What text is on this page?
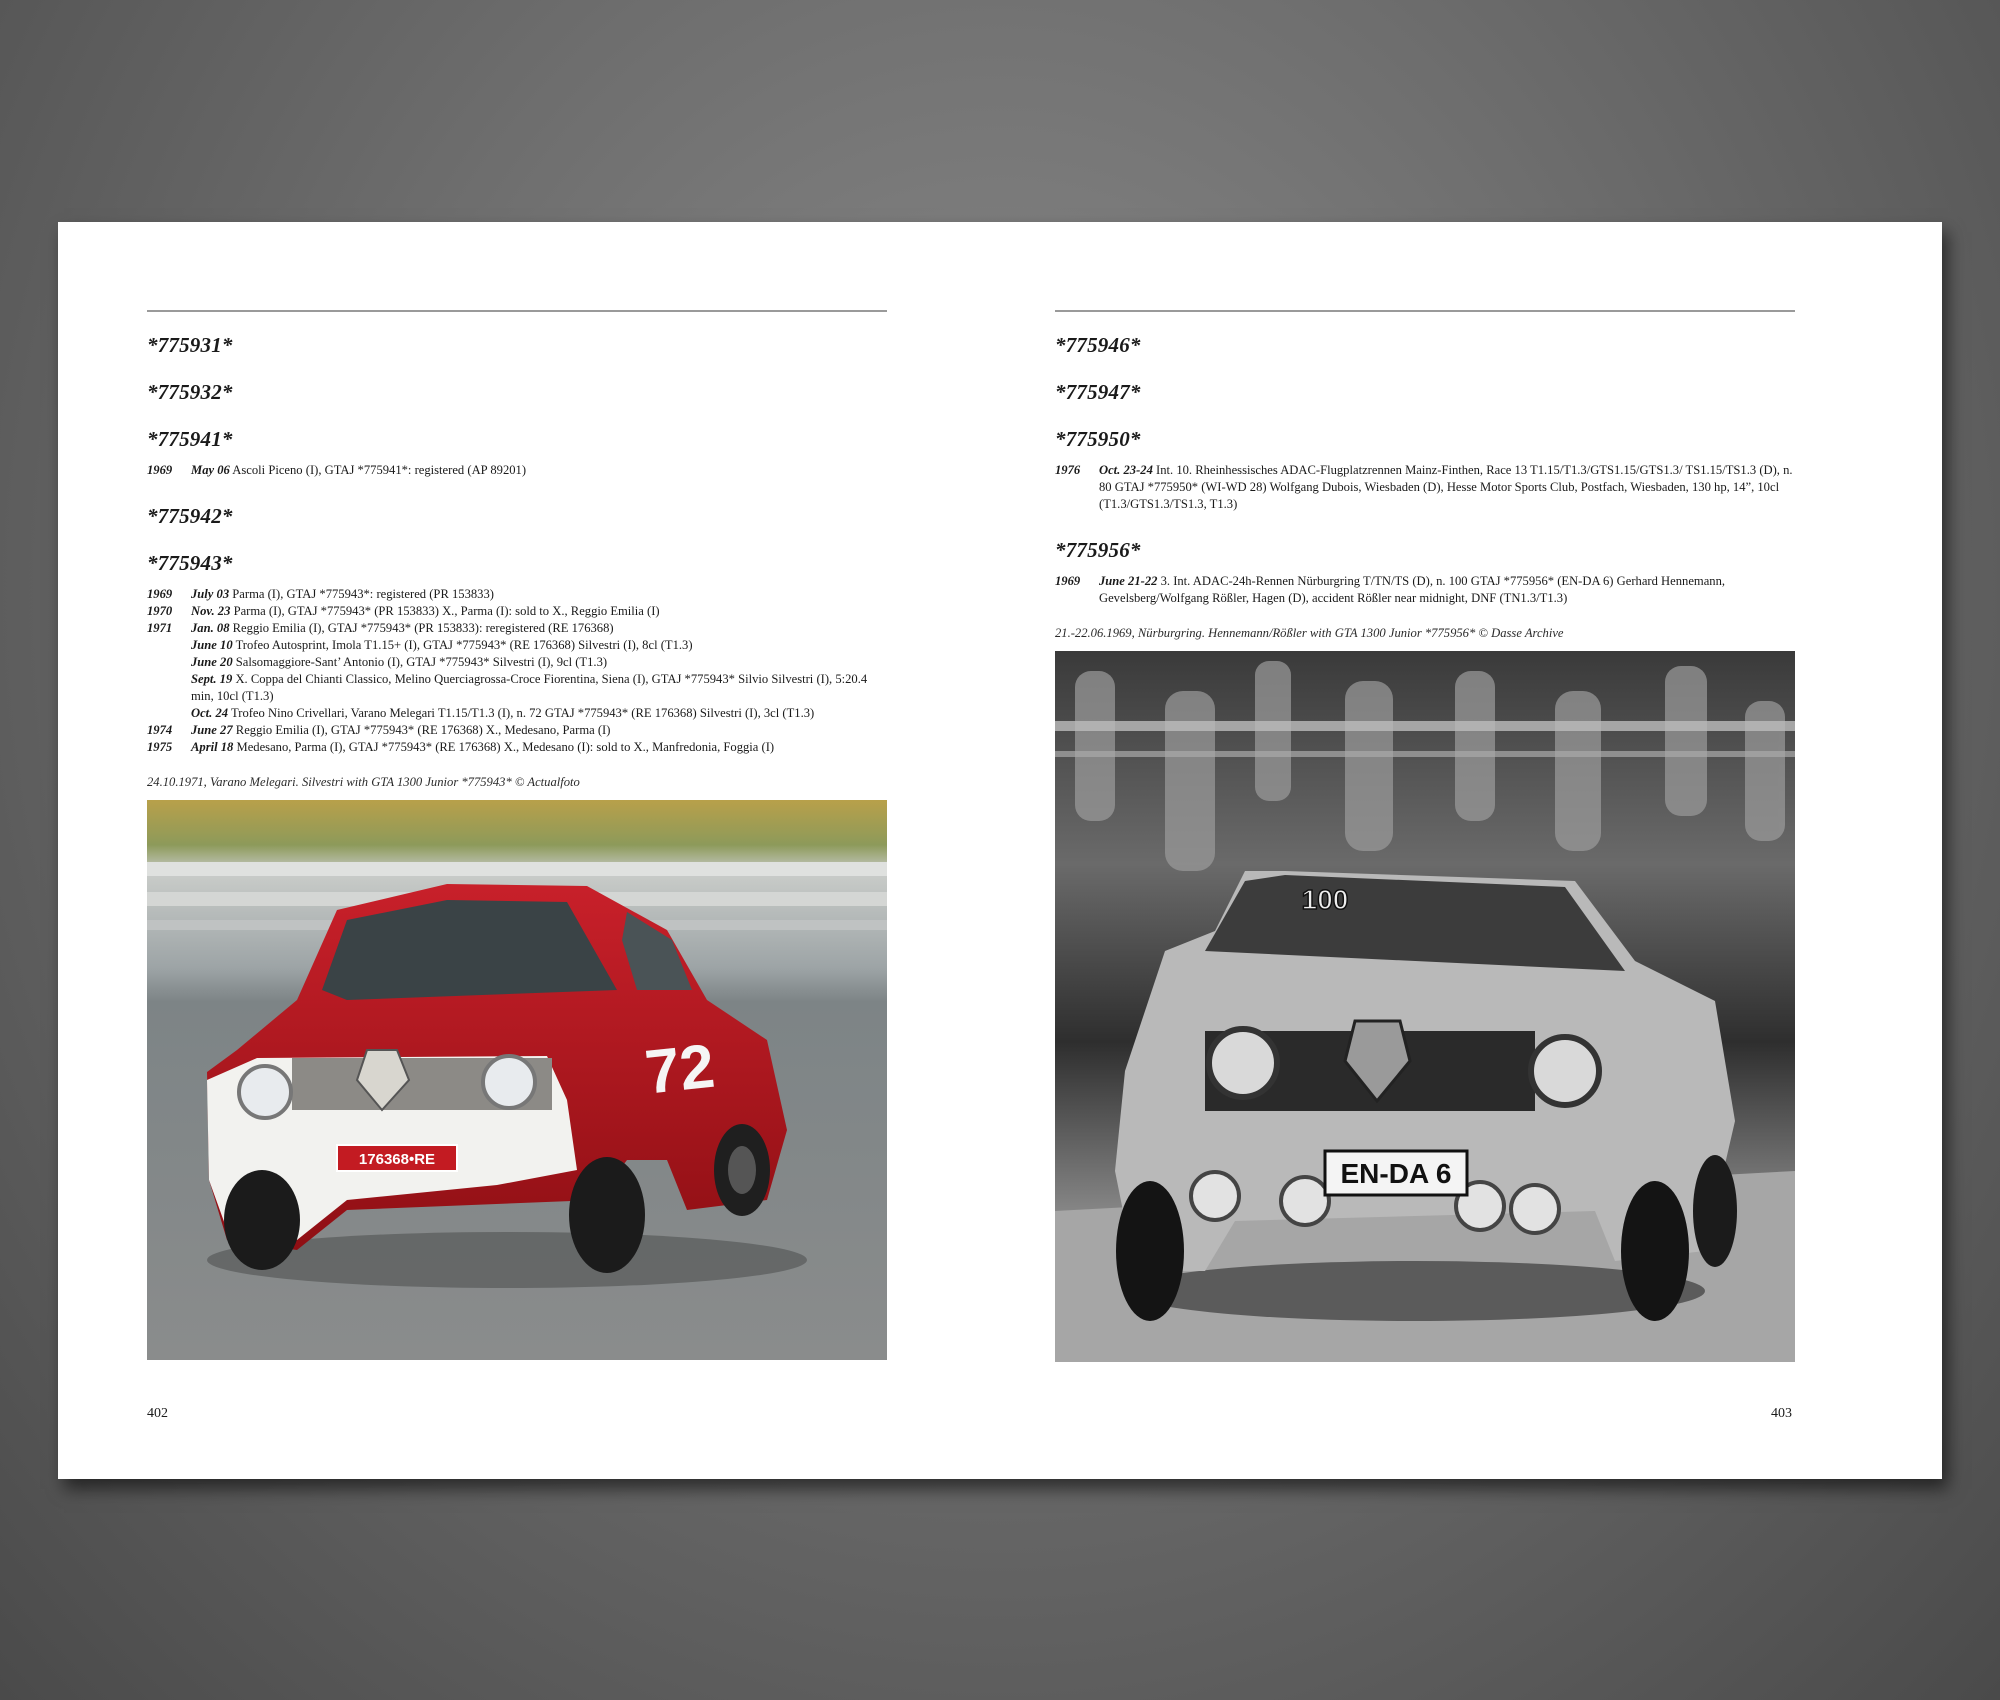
*775931*
*775932*
*775941*
1969	May 06 Ascoli Piceno (I), GTAJ *775941*: registered (AP 89201)
*775942*
*775943*
1969	July 03 Parma (I), GTAJ *775943*: registered (PR 153833)
1970	Nov. 23 Parma (I), GTAJ *775943* (PR 153833) X., Parma (I): sold to X., Reggio Emilia (I)
1971	Jan. 08 Reggio Emilia (I), GTAJ *775943* (PR 153833): reregistered (RE 176368)
June 10 Trofeo Autosprint, Imola T1.15+ (I), GTAJ *775943* (RE 176368) Silvestri (I), 8cl (T1.3)
June 20 Salsomaggiore-Sant’ Antonio (I), GTAJ *775943* Silvestri (I), 9cl (T1.3)
Sept. 19 X. Coppa del Chianti Classico, Melino Querciagrossa-Croce Fiorentina, Siena (I), GTAJ *775943* Silvio Silvestri (I), 5:20.4 min, 10cl (T1.3)
Oct. 24 Trofeo Nino Crivellari, Varano Melegari T1.15/T1.3 (I), n. 72 GTAJ *775943* (RE 176368) Silvestri (I), 3cl (T1.3)
1974	June 27 Reggio Emilia (I), GTAJ *775943* (RE 176368) X., Medesano, Parma (I)
1975	April 18 Medesano, Parma (I), GTAJ *775943* (RE 176368) X., Medesano (I): sold to X., Manfredonia, Foggia (I)
24.10.1971, Varano Melegari. Silvestri with GTA 1300 Junior *775943* © Actualfoto
176368•RE
72
402
*775946*
*775947*
*775950*
1976	Oct. 23-24 Int. 10. Rheinhessisches ADAC-Flugplatzrennen Mainz-Finthen, Race 13 T1.15/T1.3/GTS1.15/GTS1.3/ TS1.15/TS1.3 (D), n. 80 GTAJ *775950* (WI-WD 28) Wolfgang Dubois, Wiesbaden (D), Hesse Motor Sports Club, Postfach, Wiesbaden, 130 hp, 14”, 10cl (T1.3/GTS1.3/TS1.3, T1.3)
*775956*
1969	June 21-22 3. Int. ADAC-24h-Rennen Nürburgring T/TN/TS (D), n. 100 GTAJ *775956* (EN-DA 6) Gerhard Hennemann, Gevelsberg/Wolfgang Rößler, Hagen (D), accident Rößler near midnight, DNF (TN1.3/T1.3)
21.-22.06.1969, Nürburgring. Hennemann/Rößler with GTA 1300 Junior *775956* © Dasse Archive
EN-DA 6
100
403
